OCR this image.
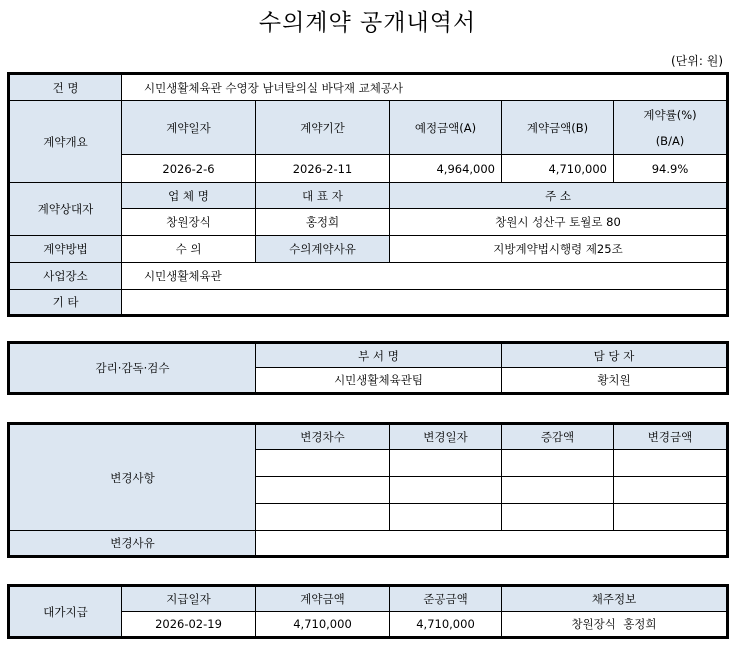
수의계약 공개내역서
(단위: 원)
건 명	시민생활체육관 수영장 남녀탈의실 바닥재 교체공사				
계약개요	계약일자	계약기간	예정금액(A)	계약금액(B)	계약률(%)
(B/A)

	2026-2-6	2026-2-11	4,964,000	4,710,000	94.9%
계약상대자	업 체 명	대 표 자	주 소		
	창원장식	홍정희	창원시 성산구 토월로 80		
계약방법	수 의	수의계약사유	지방계약법시행령 제25조		
사업장소	시민생활체육관				
기 타					
감리·감독·검수	부 서 명	담 당 자
	시민생활체육관팀	황치원
변경사항	변경차수	변경일자	증감액	변경금액

변경사유				
대가지급	지급일자	계약금액	준공금액	채주정보
	2026-02-19	4,710,000	4,710,000	창원장식  홍정희
